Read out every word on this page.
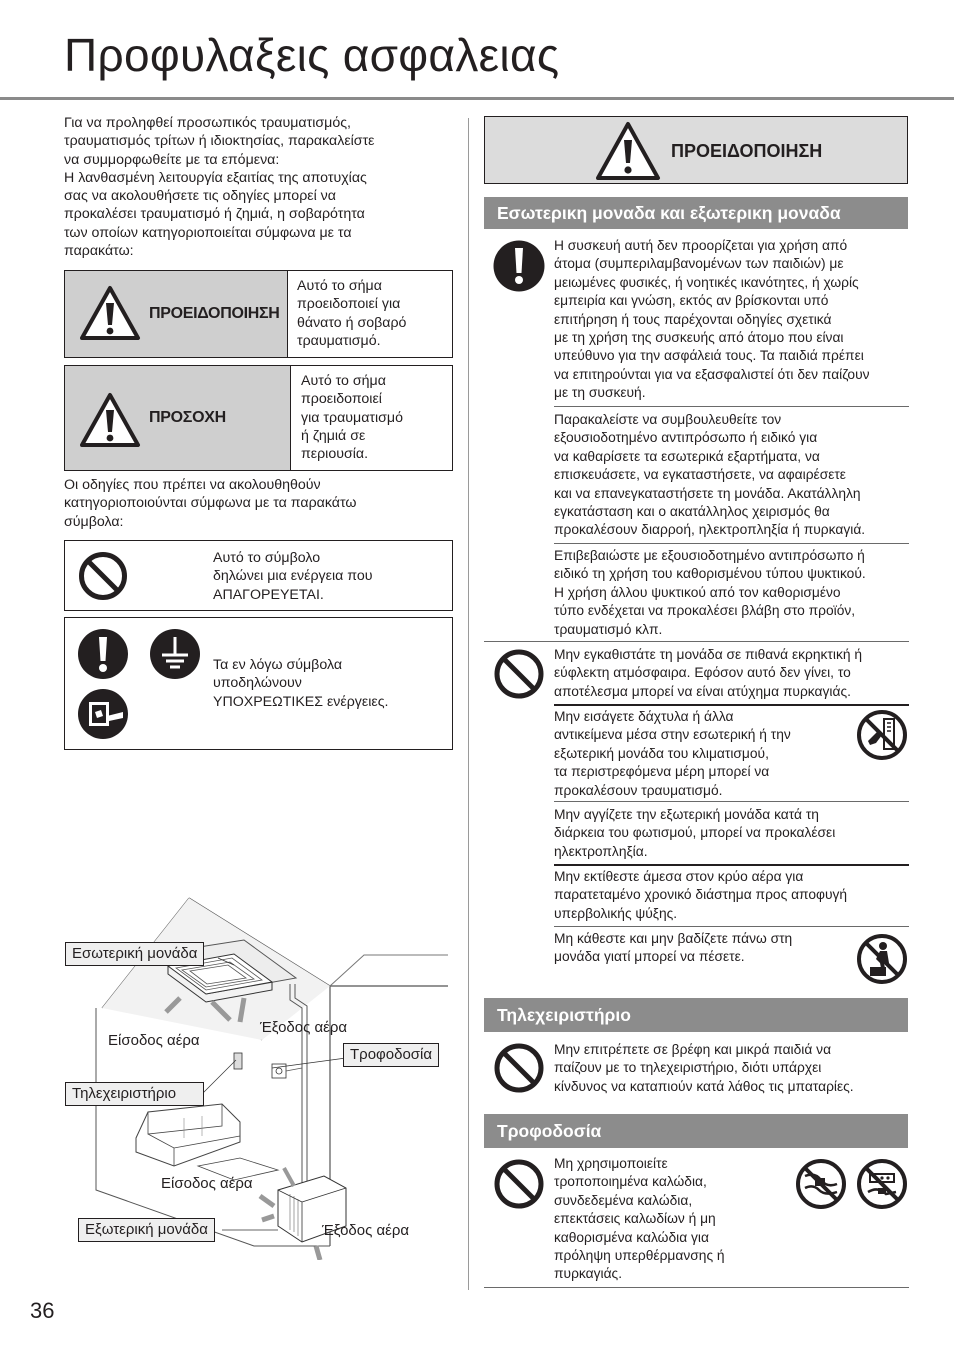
Προφυλαξεις ασφαλειας
Για να προληφθεί προσωπικός τραυματισμός,
τραυματισμός τρίτων ή ιδιοκτησίας, παρακαλείστε
να συμμορφωθείτε με τα επόμενα:
Η λανθασμένη λειτουργία εξαιτίας της αποτυχίας
σας να ακολουθήσετε τις οδηγίες μπορεί να
προκαλέσει τραυματισμό ή ζημιά, η σοβαρότητα
των οποίων κατηγοριοποιείται σύμφωνα με τα
παρακάτω:
ΠΡΟΕΙΔΟΠΟΙΗΣΗ
Αυτό το σήμα
προειδοποιεί για
θάνατο ή σοβαρό
τραυματισμό.
ΠΡΟΣΟΧΗ
Αυτό το σήμα
προειδοποιεί
για τραυματισμό
ή ζημιά σε
περιουσία.
Οι οδηγίες που πρέπει να ακολουθηθούν
κατηγοριοποιούνται σύμφωνα με τα παρακάτω
σύμβολα:
Αυτό το σύμβολο
δηλώνει μια ενέργεια που
ΑΠΑΓΟΡΕΥΕΤΑΙ.
Τα εν λόγω σύμβολα
υποδηλώνουν
ΥΠΟΧΡΕΩΤΙΚΕΣ ενέργειες.
Εσωτερική μονάδα
Είσοδος αέρα
Έξοδος αέρα
Τροφοδοσία
Τηλεχειριστήριο
Είσοδος αέρα
Εξωτερική μονάδα	Έξοδος αέρα
36
ΠΡΟΕΙΔΟΠΟΙΗΣΗ
Εσωτερικη μοναδα και εξωτερικη μοναδα
Η συσκευή αυτή δεν προορίζεται για χρήση από
άτομα (συμπεριλαμβανομένων των παιδιών) με
μειωμένες φυσικές, ή νοητικές ικανότητες, ή χωρίς
εμπειρία και γνώση, εκτός αν βρίσκονται υπό
επιτήρηση ή τους παρέχονται οδηγίες σχετικά
με τη χρήση της συσκευής από άτομο που είναι
υπεύθυνο για την ασφάλειά τους. Τα παιδιά πρέπει
να επιτηρούνται για να εξασφαλιστεί ότι δεν παίζουν
με τη συσκευή.
Παρακαλείστε να συμβουλευθείτε τον
εξουσιοδοτημένο αντιπρόσωπο ή ειδικό για
να καθαρίσετε τα εσωτερικά εξαρτήματα, να
επισκευάσετε, να εγκαταστήσετε, να αφαιρέσετε
και να επανεγκαταστήσετε τη μονάδα. Ακατάλληλη
εγκατάσταση και ο ακατάλληλος χειρισμός θα
προκαλέσουν διαρροή, ηλεκτροπληξία ή πυρκαγιά.
Επιβεβαιώστε με εξουσιοδοτημένο αντιπρόσωπο ή
ειδικό τη χρήση του καθορισμένου τύπου ψυκτικού.
Η χρήση άλλου ψυκτικού από τον καθορισμένο
τύπο ενδέχεται να προκαλέσει βλάβη στο προϊόν,
τραυματισμό κλπ.
Μην εγκαθιστάτε τη μονάδα σε πιθανά εκρηκτική ή
εύφλεκτη ατμόσφαιρα. Εφόσον αυτό δεν γίνει, το
αποτέλεσμα μπορεί να είναι ατύχημα πυρκαγιάς.
Μην εισάγετε δάχτυλα ή άλλα
αντικείμενα μέσα στην εσωτερική ή την
εξωτερική μονάδα του κλιματισμού,
τα περιστρεφόμενα μέρη μπορεί να
προκαλέσουν τραυματισμό.
Μην αγγίζετε την εξωτερική μονάδα κατά τη
διάρκεια του φωτισμού, μπορεί να προκαλέσει
ηλεκτροπληξία.
Μην εκτίθεστε άμεσα στον κρύο αέρα για
παρατεταμένο χρονικό διάστημα προς αποφυγή
υπερβολικής ψύξης.
Μη κάθεστε και μην βαδίζετε πάνω στη
μονάδα γιατί μπορεί να πέσετε.
Τηλεχειριστήριο
Μην επιτρέπετε σε βρέφη και μικρά παιδιά να
παίζουν με το τηλεχειριστήριο, διότι υπάρχει
κίνδυνος να καταπιούν κατά λάθος τις μπαταρίες.
Τροφοδοσία
Μη χρησιμοποιείτε
τροποποιημένα καλώδια,
συνδεδεμένα καλώδια,
επεκτάσεις καλωδίων ή μη
καθορισμένα καλώδια για
πρόληψη υπερθέρμανσης ή
πυρκαγιάς.
